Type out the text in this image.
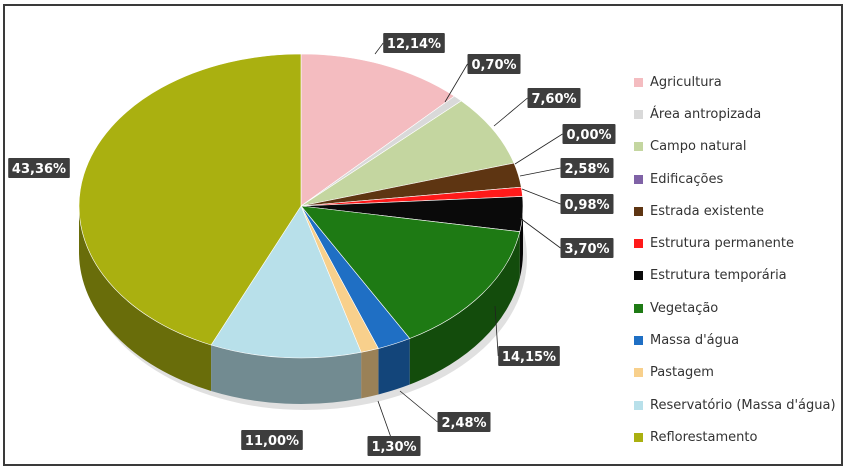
12,14%
0,70%
7,60%
0,00%
2,58%
0,98%
3,70%
14,15%
2,48%
1,30%
11,00%
43,36%
Agricultura
Área antropizada
Campo natural
Edificações
Estrada existente
Estrutura permanente
Estrutura temporária
Vegetação
Massa d'água
Pastagem
Reservatório (Massa d'água)
Reflorestamento
